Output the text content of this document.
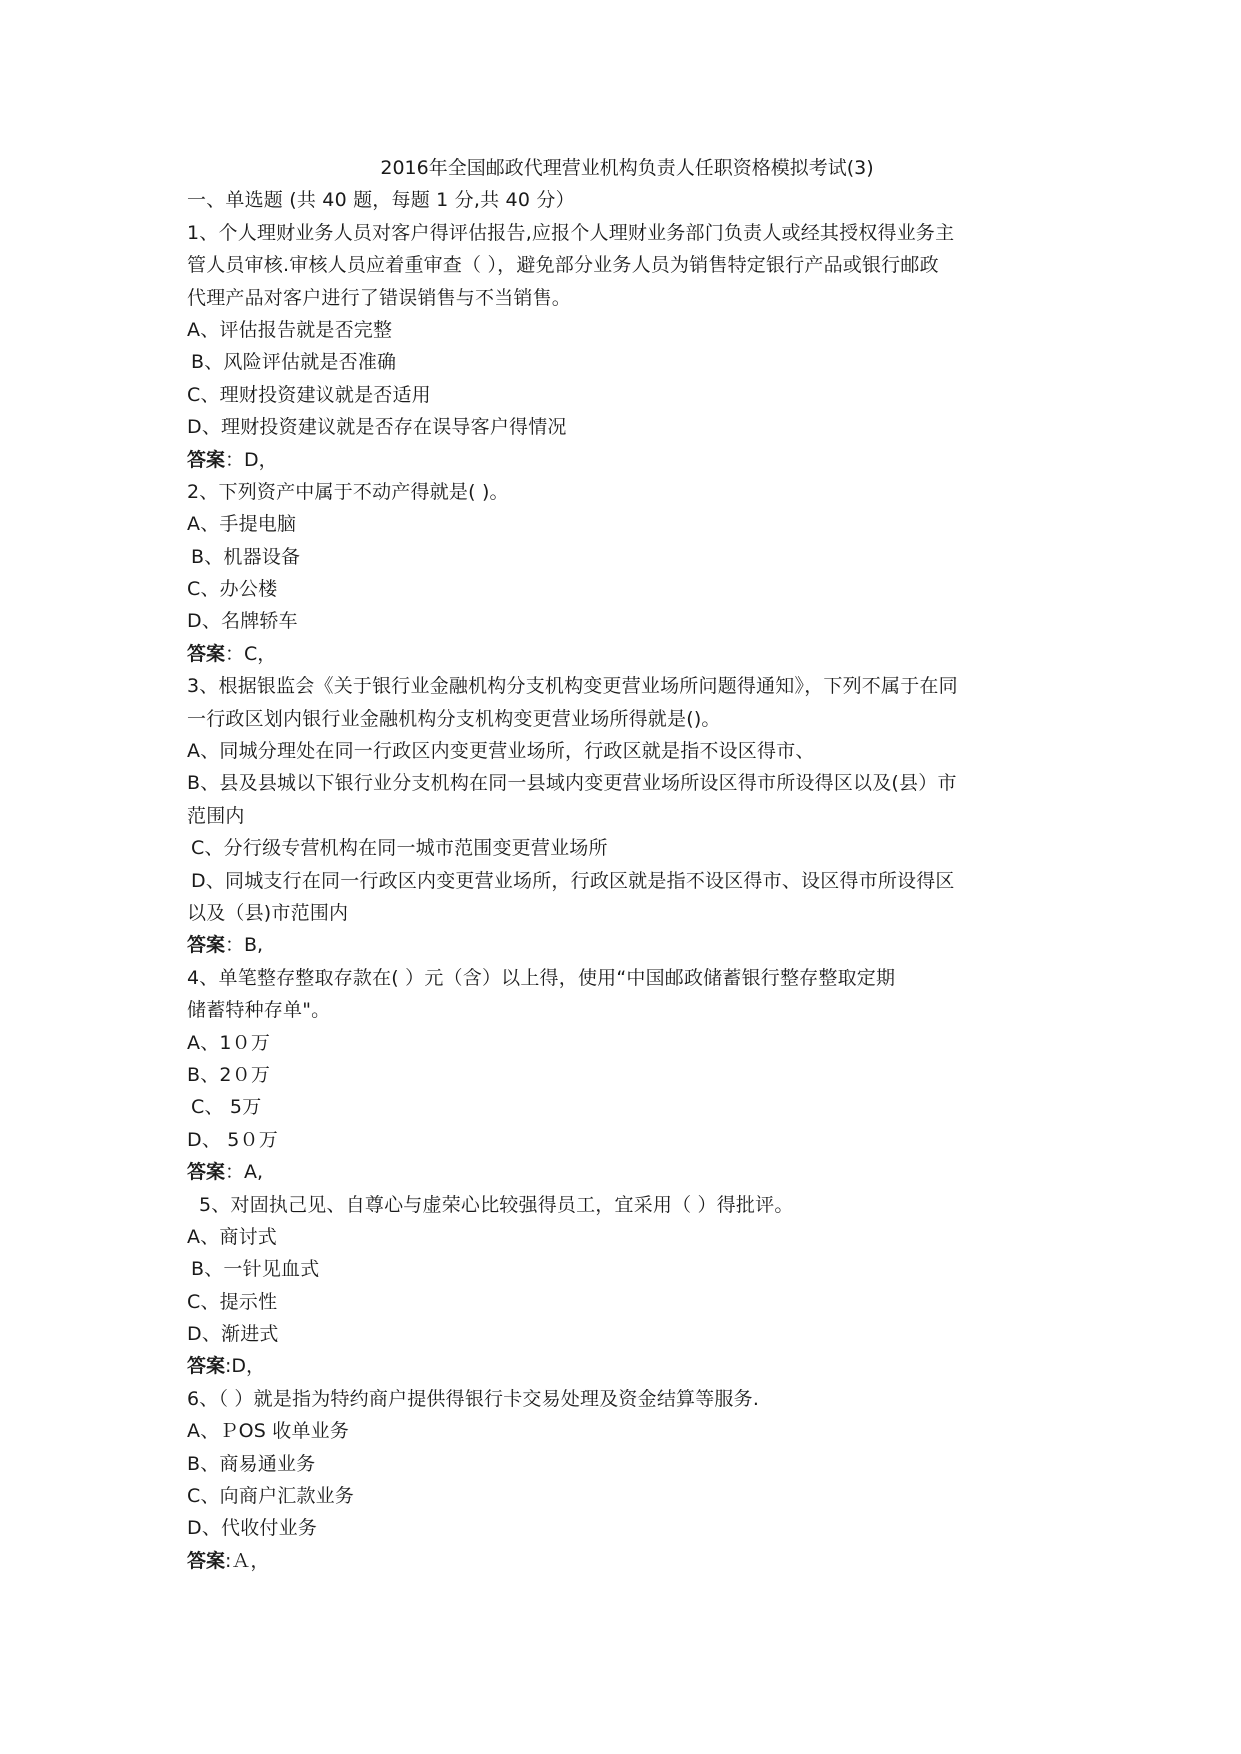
2016年全国邮政代理营业机构负责人任职资格模拟考试(3)
一、单选题 (共 40 题，每题 1 分,共 40 分）
1、个人理财业务人员对客户得评估报告,应报个人理财业务部门负责人或经其授权得业务主
管人员审核.审核人员应着重审查（ ），避免部分业务人员为销售特定银行产品或银行邮政
代理产品对客户进行了错误销售与不当销售。
A、评估报告就是否完整
B、风险评估就是否准确
C、理财投资建议就是否适用
D、理财投资建议就是否存在误导客户得情况
答案：D，
2、下列资产中属于不动产得就是( )。
A、手提电脑
B、机器设备
C、办公楼
D、名牌轿车
答案：C，
3、根据银监会《关于银行业金融机构分支机构变更营业场所问题得通知》，下列不属于在同
一行政区划内银行业金融机构分支机构变更营业场所得就是()。
A、同城分理处在同一行政区内变更营业场所，行政区就是指不设区得市、
B、县及县城以下银行业分支机构在同一县域内变更营业场所设区得市所设得区以及(县）市
范围内
C、分行级专营机构在同一城市范围变更营业场所
D、同城支行在同一行政区内变更营业场所，行政区就是指不设区得市、设区得市所设得区
以及（县)市范围内
答案：B,
4、单笔整存整取存款在( ）元（含）以上得，使用“中国邮政储蓄银行整存整取定期
储蓄特种存单"。
A、1０万
B、2０万
C、 5万
D、 5０万
答案：A,
5、对固执己见、自尊心与虚荣心比较强得员工，宜采用（ ）得批评。
A、商讨式
B、一针见血式
C、提示性
D、渐进式
答案:D，
6、（ ）就是指为特约商户提供得银行卡交易处理及资金结算等服务.
A、ＰOS 收单业务
B、商易通业务
C、向商户汇款业务
D、代收付业务
答案:Ａ，
